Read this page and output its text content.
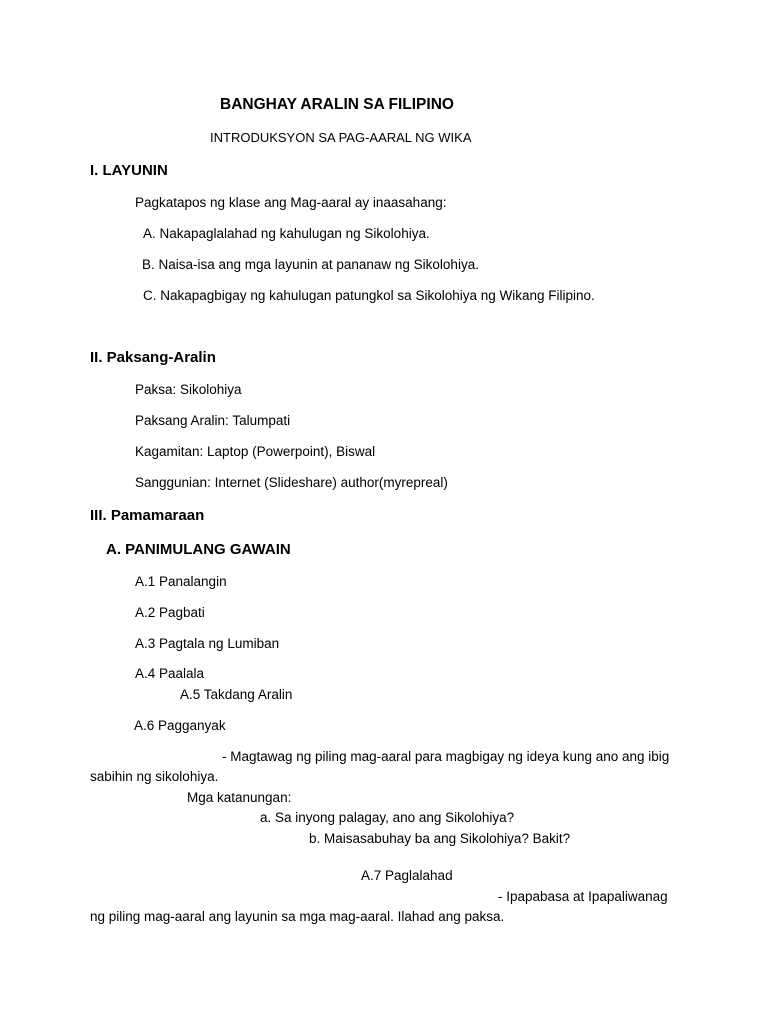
BANGHAY ARALIN SA FILIPINO
INTRODUKSYON SA PAG-AARAL NG WIKA
I. LAYUNIN
Pagkatapos ng klase ang Mag-aaral ay inaasahang:
A. Nakapaglalahad ng kahulugan ng Sikolohiya.
B. Naisa-isa ang mga layunin at pananaw ng Sikolohiya.
C. Nakapagbigay ng kahulugan patungkol sa Sikolohiya ng Wikang Filipino.
II. Paksang-Aralin
Paksa: Sikolohiya
Paksang Aralin: Talumpati
Kagamitan: Laptop (Powerpoint), Biswal
Sanggunian: Internet (Slideshare) author(myrepreal)
III. Pamamaraan
A. PANIMULANG GAWAIN
A.1 Panalangin
A.2 Pagbati
A.3 Pagtala ng Lumiban
A.4 Paalala
A.5 Takdang Aralin
A.6 Pagganyak
- Magtawag ng piling mag-aaral para magbigay ng ideya kung ano ang ibig
sabihin ng sikolohiya.
Mga katanungan:
a. Sa inyong palagay, ano ang Sikolohiya?
b. Maisasabuhay ba ang Sikolohiya? Bakit?
A.7 Paglalahad
- Ipapabasa at Ipapaliwanag
ng piling mag-aaral ang layunin sa mga mag-aaral. Ilahad ang paksa.
